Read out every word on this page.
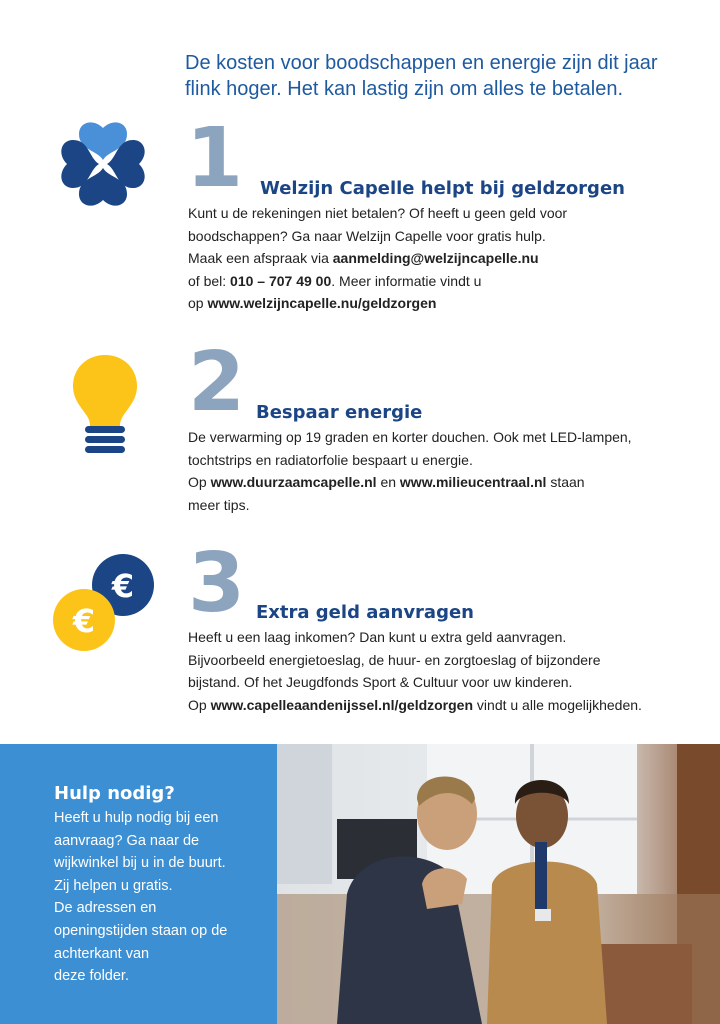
De kosten voor boodschappen en energie zijn dit jaar
flink hoger. Het kan lastig zijn om alles te betalen.
1 Welzijn Capelle helpt bij geldzorgen
Kunt u de rekeningen niet betalen? Of heeft u geen geld voor
boodschappen? Ga naar Welzijn Capelle voor gratis hulp.
Maak een afspraak via aanmelding@welzijncapelle.nu
of bel: 010 – 707 49 00. Meer informatie vindt u
op www.welzijncapelle.nu/geldzorgen
2 Bespaar energie
De verwarming op 19 graden en korter douchen. Ook met LED-lampen,
tochtstrips en radiatorfolie bespaart u energie.
Op www.duurzaamcapelle.nl en www.milieucentraal.nl staan
meer tips.
€
€ 3 Extra geld aanvragen
Heeft u een laag inkomen? Dan kunt u extra geld aanvragen.
Bijvoorbeeld energietoeslag, de huur- en zorgtoeslag of bijzondere
bijstand. Of het Jeugdfonds Sport & Cultuur voor uw kinderen.
Op www.capelleaandenijssel.nl/geldzorgen vindt u alle mogelijkheden.
Hulp nodig?
Heeft u hulp nodig bij een
aanvraag? Ga naar de
wijkwinkel bij u in de buurt.
Zij helpen u gratis.
De adressen en
openingstijden staan op de
achterkant van
deze folder.
